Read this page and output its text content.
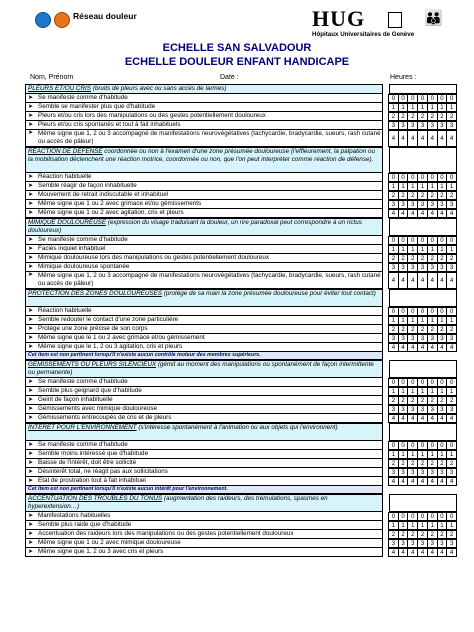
Réseau douleur	HUG	👪
Hôpitaux Universitaires de Genève
ECHELLE SAN SALVADOUR
ECHELLE DOULEUR ENFANT HANDICAPE
Nom, Prénom	Date :	Heures :
PLEURS ET/OU CRIS (bruits de pleurs avec ou sans accès de larmes)
➤ Se manifeste comme d'habitude	0	0	0	0	0	0	0
➤ Semble se manifester plus que d'habitude	1	1	1	1	1	1	1
➤ Pleurs et/ou cris lors des manipulations ou des gestes potentiellement douloureux	2	2	2	2	2	2	2
➤ Pleurs et/ou cris spontanés et tout à fait inhabituels	3	3	3	3	3	3	3
➤ Même signe que 1, 2 ou 3 accompagné de manifestations neurovégétatives (tachycardie, bradycardie, sueurs, rash cutané ou accès de pâleur)	4	4	4	4	4	4	4
RÉACTION DE DÉFENSE coordonnée ou non à l'examen d'une zone présumée douloureuse (l'effleurement, la palpation ou la mobilisation déclenchent une réaction motrice, coordonnée ou non, que l'on peut interpréter comme réaction de défense).
➤ Réaction habituelle	0	0	0	0	0	0	0
➤ Semble réagir de façon inhabituelle	1	1	1	1	1	1	1
➤ Mouvement de retrait indiscutable et inhabituel	2	2	2	2	2	2	2
➤ Même signe que 1 ou 2 avec grimace et/ou gémissements	3	3	3	3	3	3	3
➤ Même signe que 1 ou 2 avec agitation, cris et pleurs	4	4	4	4	4	4	4
MIMIQUE DOULOUREUSE (expression du visage traduisant la douleur, un rire paradoxal peut correspondre à un rictus douloureux)
➤ Se manifeste comme d'habitude	0	0	0	0	0	0	0
➤ Faciès inquiet inhabituel	1	1	1	1	1	1	1
➤ Mimique douloureuse lors des manipulations ou gestes potentiellement douloureux	2	2	2	2	2	2	2
➤ Mimique douloureuse spontanée	3	3	3	3	3	3	3
➤ Même signe que 1, 2 ou 3 accompagné de manifestations neurovégétatives (tachycardie, bradycardie, sueurs, rash cutané ou accès de pâleur)	4	4	4	4	4	4	4
PROTECTION DES ZONES DOULOUREUSES (protège de sa main la zone présumée douloureuse pour éviter tout contact)
➤ Réaction habituelle	0	0	0	0	0	0	0
➤ Semble redouter le contact d'une zone particulière	1	1	1	1	1	1	1
➤ Protège une zone précise de son corps	2	2	2	2	2	2	2
➤ Même signe que le 1 ou 2 avec grimace et/ou gémissement	3	3	3	3	3	3	3
➤ Même signe que le 1, 2 ou 3 agitation, cris et pleurs	4	4	4	4	4	4	4
Cet item est non pertinent lorsqu'il n'existe aucun contrôle moteur des membres supérieurs.
GÉMISSEMENTS OU PLEURS SILENCIEUX (gémit au moment des manipulations ou spontanément de façon intermittente ou permanente)
➤ Se manifeste comme d'habitude	0	0	0	0	0	0	0
➤ Semble plus geignard que d'habitude	1	1	1	1	1	1	1
➤ Geint de façon inhabituelle	2	2	2	2	2	2	2
➤ Gémissements avec mimique douloureuse	3	3	3	3	3	3	3
➤ Gémissements entrecoupés de cris et de pleurs	4	4	4	4	4	4	4
INTERET POUR L'ENVIRONNEMENT (s'intéresse spontanément à l'animation ou aux objets qui l'environnent)
➤ Se manifeste comme d'habitude	0	0	0	0	0	0	0
➤ Semble moins intéressé que d'habitude	1	1	1	1	1	1	1
➤ Baisse de l'intérêt, doit être sollicité	2	2	2	2	2	2	2
➤ Désintérêt total, ne réagit pas aux sollicitations	3	3	3	3	3	3	3
➤ Etat de prostration tout à fait inhabituel	4	4	4	4	4	4	4
Cet item est non pertinent lorsqu'il n'existe aucun intérêt pour l'environnement.
ACCENTUATION DES TROUBLES DU TONUS (augmentation des raideurs, des trémulations, spasmes en hyperextension…)
➤ Manifestations habituelles	0	0	0	0	0	0	0
➤ Semble plus raide que d'habitude	1	1	1	1	1	1	1
➤ Accentuation des raideurs lors des manipulations ou des gestes potentiellement douloureux	2	2	2	2	2	2	2
➤ Même signe que 1 ou 2 avec mimique douloureuse	3	3	3	3	3	3	3
➤ Même signe que 1, 2 ou 3 avec cris et pleurs	4	4	4	4	4	4	4
